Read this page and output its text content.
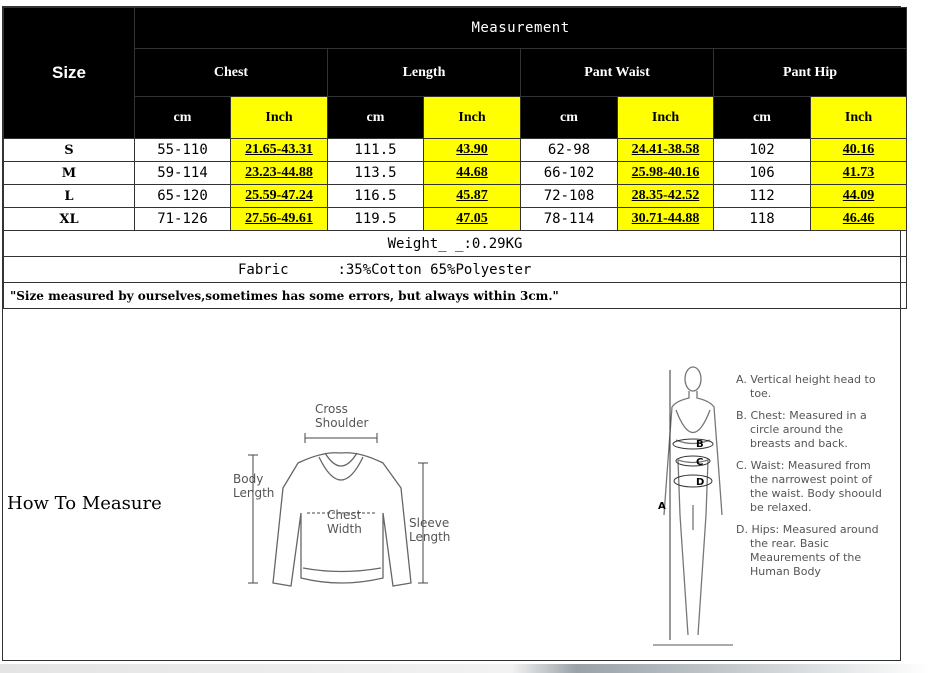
Size	Measurement							
	Chest		Length		Pant Waist		Pant Hip	
	cm	Inch	cm	Inch	cm	Inch	cm	Inch
S	55-110	21.65-43.31	111.5	43.90	62-98	24.41-38.58	102	40.16
M	59-114	23.23-44.88	113.5	44.68	66-102	25.98-40.16	106	41.73
L	65-120	25.59-47.24	116.5	45.87	72-108	28.35-42.52	112	44.09
XL	71-126	27.56-49.61	119.5	47.05	78-114	30.71-44.88	118	46.46
Weight_ _:0.29KG								
Fabric :35%Cotton 65%Polyester								
"Size measured by ourselves,sometimes has some errors, but always within 3cm."								
How To Measure
Cross
Shoulder
Body
Length
Chest
Width	Sleeve
Length
A
B
C
D

A. Vertical height head to toe.

B. Chest: Measured in a circle around the breasts and back.

C. Waist: Measured from the narrowest point of the waist. Body shoould be relaxed.

D. Hips: Measured around the rear. Basic Meaurements of the Human Body
